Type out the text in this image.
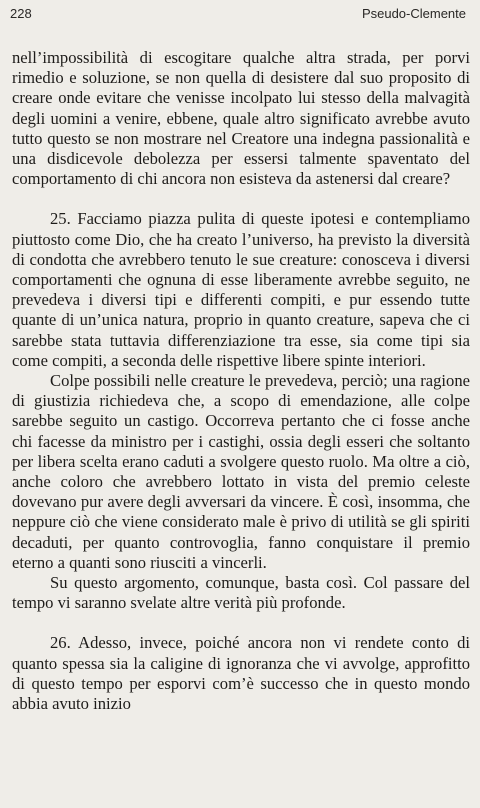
228	Pseudo-Clemente

nell’impossibilità di escogitare qualche altra strada, per porvi rimedio e soluzione, se non quella di desistere dal suo proposito di creare onde evitare che venisse incolpato lui stesso della malvagità degli uomini a venire, ebbene, quale altro significato avrebbe avuto tutto questo se non mostrare nel Creatore una indegna passionalità e una disdicevole debolezza per essersi talmente spaventato del comportamento di chi ancora non esisteva da astenersi dal creare?

25. Facciamo piazza pulita di queste ipotesi e contempliamo piuttosto come Dio, che ha creato l’universo, ha previsto la diversità di condotta che avrebbero tenuto le sue creature: conosceva i diversi comportamenti che ognuna di esse liberamente avrebbe seguito, ne prevedeva i diversi tipi e differenti compiti, e pur essendo tutte quante di un’unica natura, proprio in quanto creature, sapeva che ci sarebbe stata tuttavia differenziazione tra esse, sia come tipi sia come compiti, a seconda delle rispettive libere spinte interiori.

Colpe possibili nelle creature le prevedeva, perciò; una ragione di giustizia richiedeva che, a scopo di emendazione, alle colpe sarebbe seguito un castigo. Occorreva pertanto che ci fosse anche chi facesse da ministro per i castighi, ossia degli esseri che soltanto per libera scelta erano caduti a svolgere questo ruolo. Ma oltre a ciò, anche coloro che avrebbero lottato in vista del premio celeste dovevano pur avere degli avversari da vincere. È così, insomma, che neppure ciò che viene considerato male è privo di utilità se gli spiriti decaduti, per quanto controvoglia, fanno conquistare il premio eterno a quanti sono riusciti a vincerli.

Su questo argomento, comunque, basta così. Col passare del tempo vi saranno svelate altre verità più profonde.

26. Adesso, invece, poiché ancora non vi rendete conto di quanto spessa sia la caligine di ignoranza che vi avvolge, approfitto di questo tempo per esporvi com’è successo che in questo mondo abbia avuto inizio
